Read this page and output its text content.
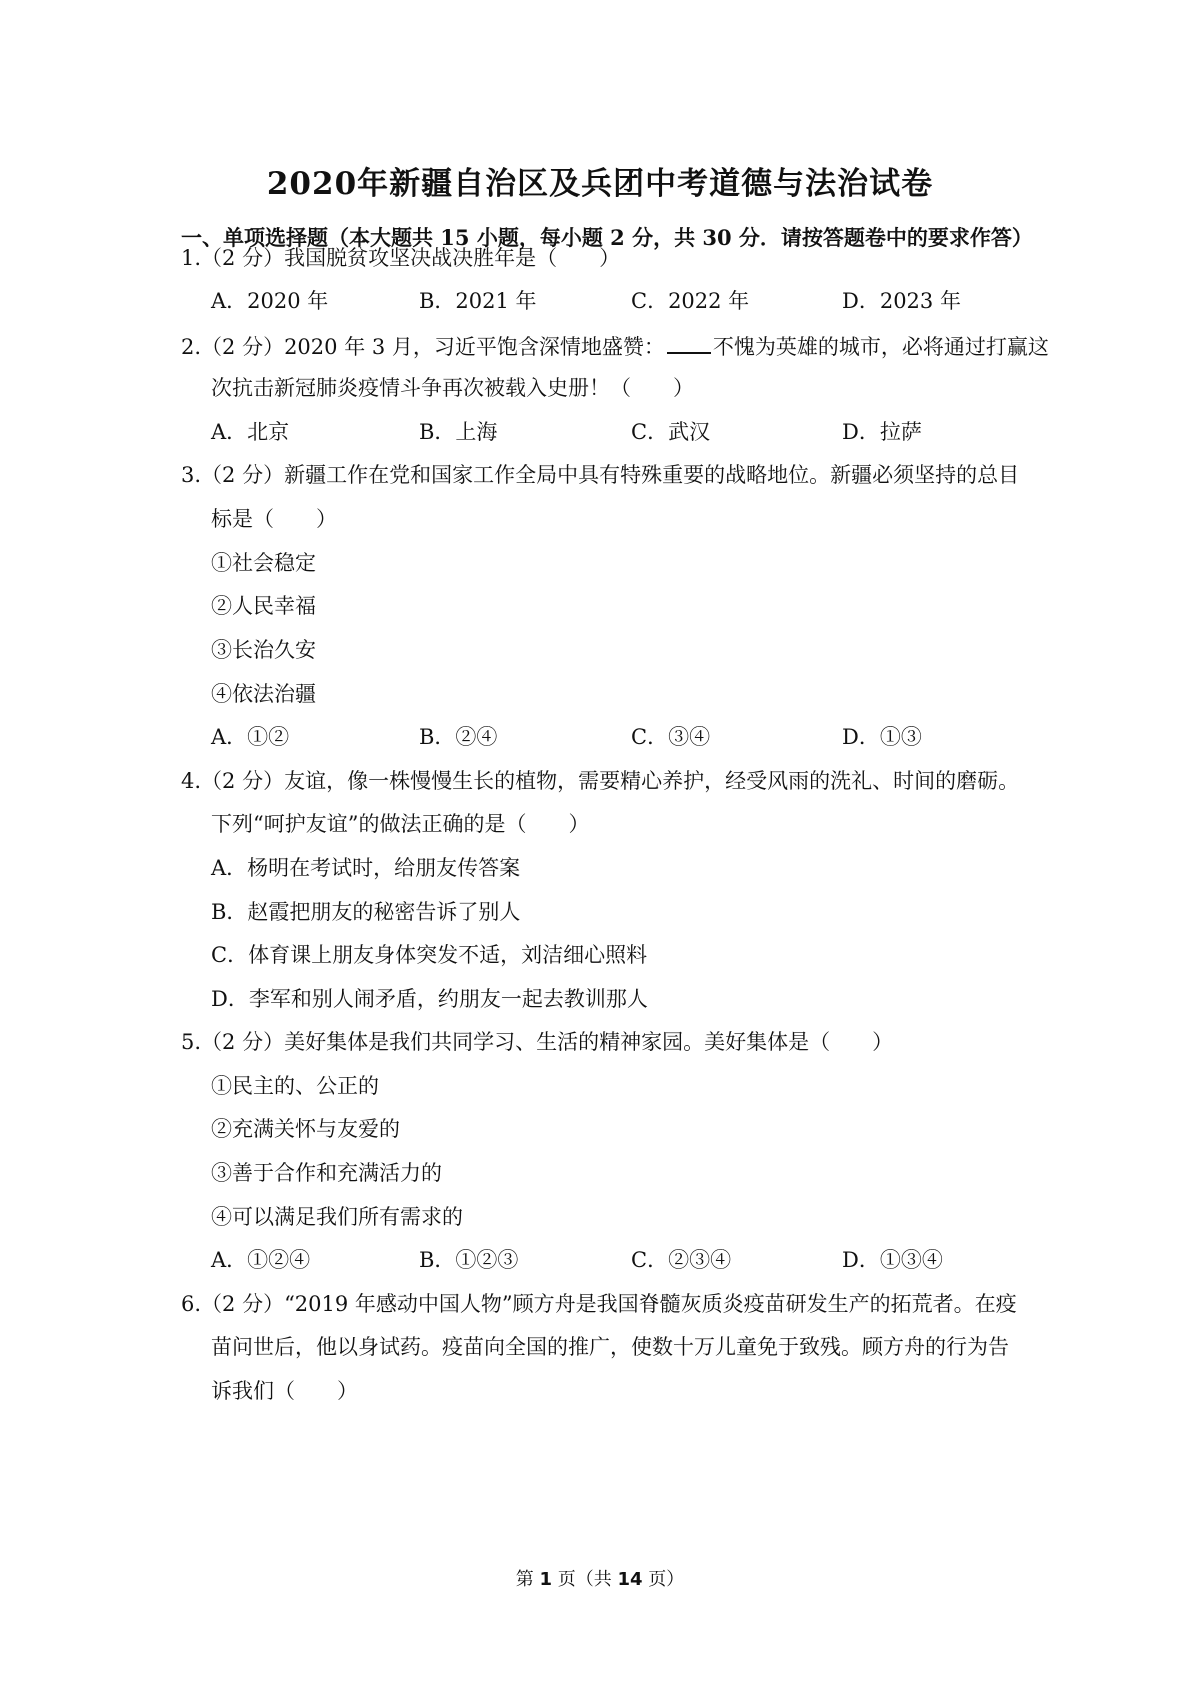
2020年新疆自治区及兵团中考道德与法治试卷
一、单项选择题（本大题共 15 小题，每小题 2 分，共 30 分．请按答题卷中的要求作答）
1.（2 分）我国脱贫攻坚决战决胜年是（　　）
A．2020 年	B．2021 年	C．2022 年	D．2023 年
2.（2 分）2020 年 3 月，习近平饱含深情地盛赞： 不愧为英雄的城市，必将通过打赢这
次抗击新冠肺炎疫情斗争再次被载入史册！（　　）
A．北京	B．上海	C．武汉	D．拉萨
3.（2 分）新疆工作在党和国家工作全局中具有特殊重要的战略地位。新疆必须坚持的总目
标是（　　）
①社会稳定
②人民幸福
③长治久安
④依法治疆
A．①②	B．②④	C．③④	D．①③
4.（2 分）友谊，像一株慢慢生长的植物，需要精心养护，经受风雨的洗礼、时间的磨砺。
下列“呵护友谊”的做法正确的是（　　）
A．杨明在考试时，给朋友传答案
B．赵霞把朋友的秘密告诉了别人
C．体育课上朋友身体突发不适，刘洁细心照料
D．李军和别人闹矛盾，约朋友一起去教训那人
5.（2 分）美好集体是我们共同学习、生活的精神家园。美好集体是（　　）
①民主的、公正的
②充满关怀与友爱的
③善于合作和充满活力的
④可以满足我们所有需求的
A．①②④	B．①②③	C．②③④	D．①③④
6.（2 分）“2019 年感动中国人物”顾方舟是我国脊髓灰质炎疫苗研发生产的拓荒者。在疫
苗问世后，他以身试药。疫苗向全国的推广，使数十万儿童免于致残。顾方舟的行为告
诉我们（　　）
第 1 页（共 14 页）
